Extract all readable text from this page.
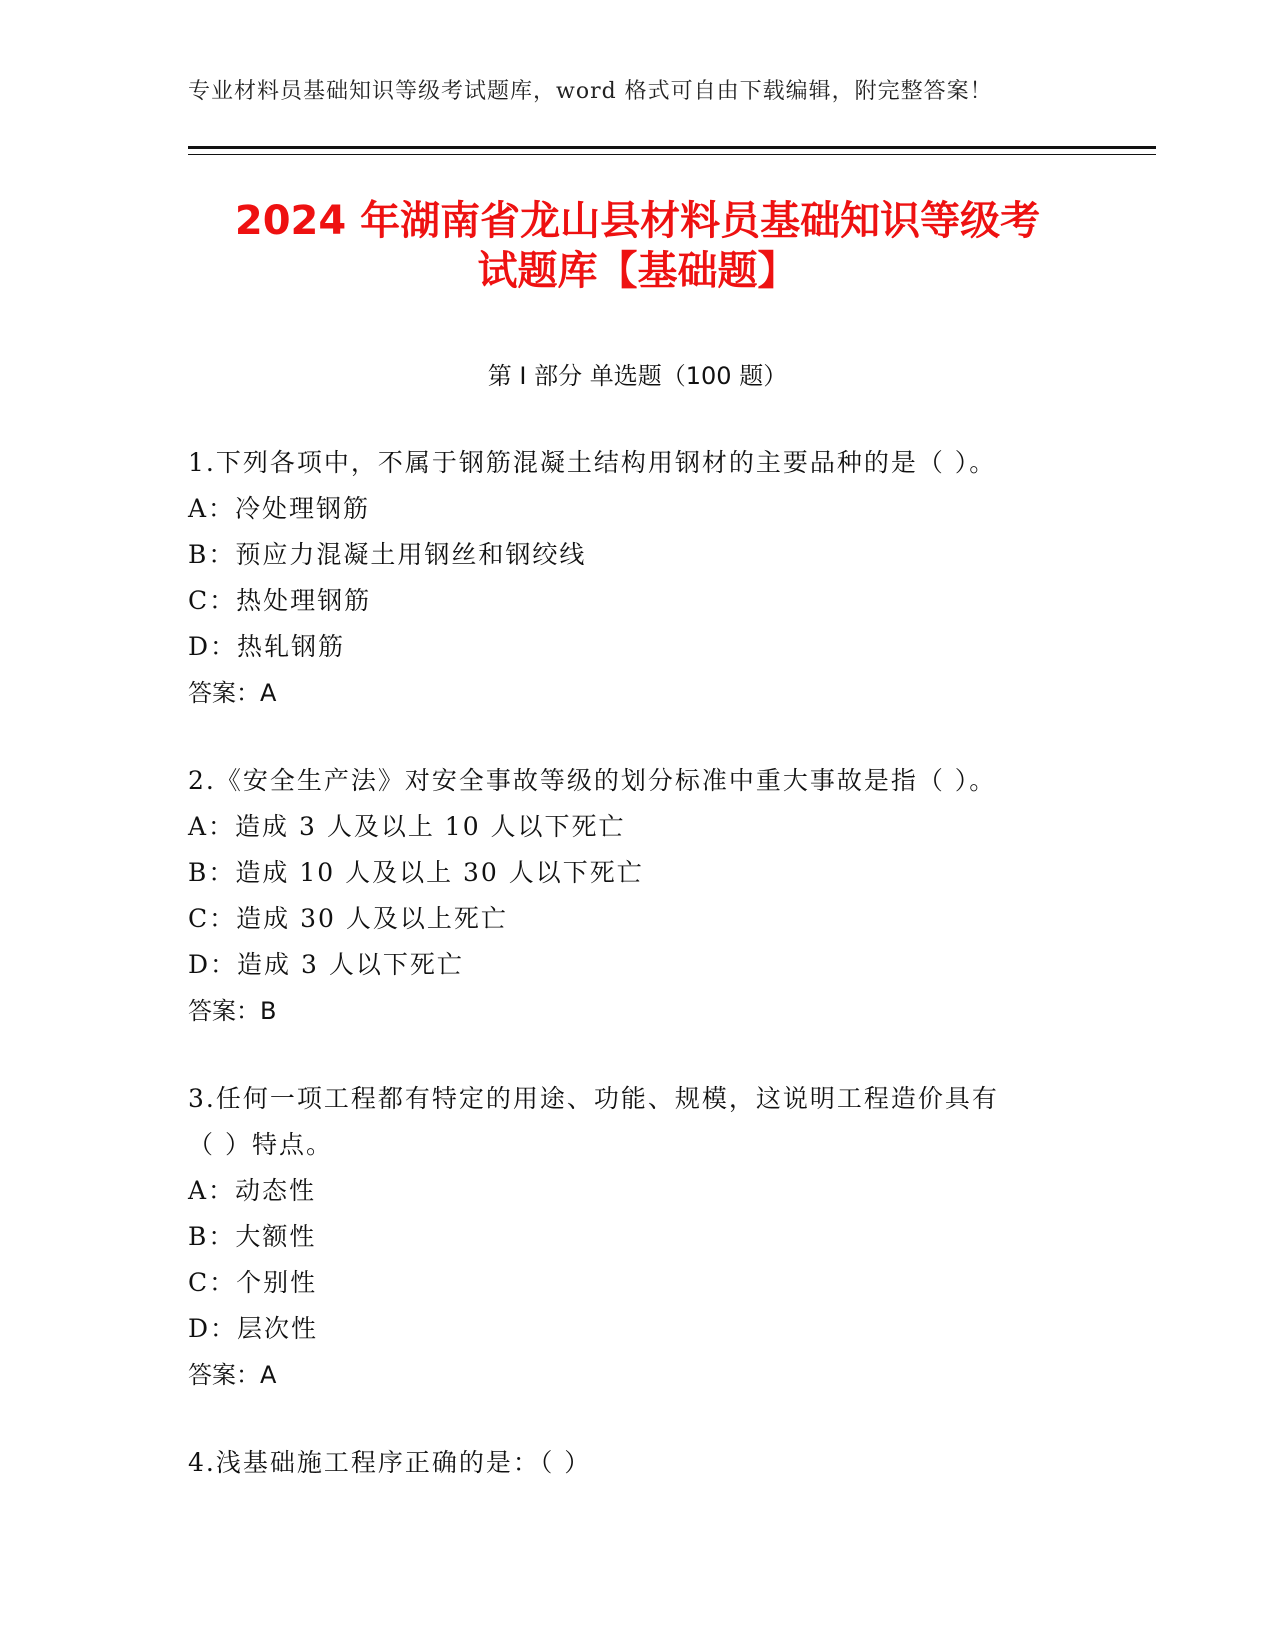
专业材料员基础知识等级考试题库，word 格式可自由下载编辑，附完整答案！
2024 年湖南省龙山县材料员基础知识等级考
试题库【基础题】
第 I 部分 单选题（100 题）
1.下列各项中，不属于钢筋混凝土结构用钢材的主要品种的是（ ）。
A：冷处理钢筋
B：预应力混凝土用钢丝和钢绞线
C：热处理钢筋
D：热轧钢筋
答案：A
2.《安全生产法》对安全事故等级的划分标准中重大事故是指（ ）。
A：造成 3 人及以上 10 人以下死亡
B：造成 10 人及以上 30 人以下死亡
C：造成 30 人及以上死亡
D：造成 3 人以下死亡
答案：B
3.任何一项工程都有特定的用途、功能、规模，这说明工程造价具有
（ ）特点。
A：动态性
B：大额性
C：个别性
D：层次性
答案：A
4.浅基础施工程序正确的是：（ ）
